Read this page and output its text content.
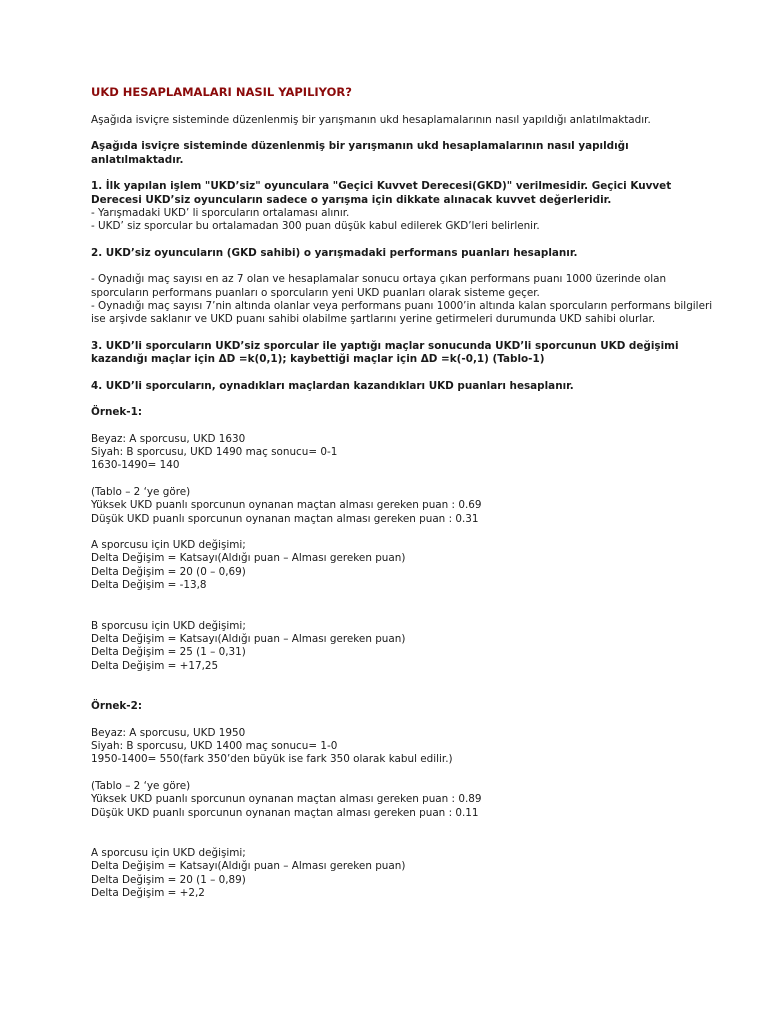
UKD HESAPLAMALARI NASIL YAPILIYOR?

Aşağıda isviçre sisteminde düzenlenmiş bir yarışmanın ukd hesaplamalarının nasıl yapıldığı anlatılmaktadır.

Aşağıda isviçre sisteminde düzenlenmiş bir yarışmanın ukd hesaplamalarının nasıl yapıldığı

anlatılmaktadır.

1. İlk yapılan işlem "UKD’siz" oyunculara "Geçici Kuvvet Derecesi(GKD)" verilmesidir. Geçici Kuvvet

Derecesi UKD’siz oyuncuların sadece o yarışma için dikkate alınacak kuvvet değerleridir.

- Yarışmadaki UKD’ li sporcuların ortalaması alınır.

- UKD’ siz sporcular bu ortalamadan 300 puan düşük kabul edilerek GKD’leri belirlenir.

2. UKD’siz oyuncuların (GKD sahibi) o yarışmadaki performans puanları hesaplanır.

- Oynadığı maç sayısı en az 7 olan ve hesaplamalar sonucu ortaya çıkan performans puanı 1000 üzerinde olan

sporcuların performans puanları o sporcuların yeni UKD puanları olarak sisteme geçer.

- Oynadığı maç sayısı 7’nin altında olanlar veya performans puanı 1000’in altında kalan sporcuların performans bilgileri

ise arşivde saklanır ve UKD puanı sahibi olabilme şartlarını yerine getirmeleri durumunda UKD sahibi olurlar.

3. UKD’li sporcuların UKD’siz sporcular ile yaptığı maçlar sonucunda UKD’li sporcunun UKD değişimi

kazandığı maçlar için ΔD =k(0,1); kaybettiği maçlar için ΔD =k(-0,1) (Tablo-1)

4. UKD’li sporcuların, oynadıkları maçlardan kazandıkları UKD puanları hesaplanır.

Örnek-1:

Beyaz: A sporcusu, UKD 1630

Siyah: B sporcusu, UKD 1490 maç sonucu= 0-1

1630-1490= 140

(Tablo – 2 ‘ye göre)

Yüksek UKD puanlı sporcunun oynanan maçtan alması gereken puan : 0.69

Düşük UKD puanlı sporcunun oynanan maçtan alması gereken puan : 0.31

A sporcusu için UKD değişimi;

Delta Değişim = Katsayı(Aldığı puan – Alması gereken puan)

Delta Değişim = 20 (0 – 0,69)

Delta Değişim = -13,8

B sporcusu için UKD değişimi;

Delta Değişim = Katsayı(Aldığı puan – Alması gereken puan)

Delta Değişim = 25 (1 – 0,31)

Delta Değişim = +17,25

Örnek-2:

Beyaz: A sporcusu, UKD 1950

Siyah: B sporcusu, UKD 1400 maç sonucu= 1-0

1950-1400= 550(fark 350’den büyük ise fark 350 olarak kabul edilir.)

(Tablo – 2 ‘ye göre)

Yüksek UKD puanlı sporcunun oynanan maçtan alması gereken puan : 0.89

Düşük UKD puanlı sporcunun oynanan maçtan alması gereken puan : 0.11

A sporcusu için UKD değişimi;

Delta Değişim = Katsayı(Aldığı puan – Alması gereken puan)

Delta Değişim = 20 (1 – 0,89)

Delta Değişim = +2,2
